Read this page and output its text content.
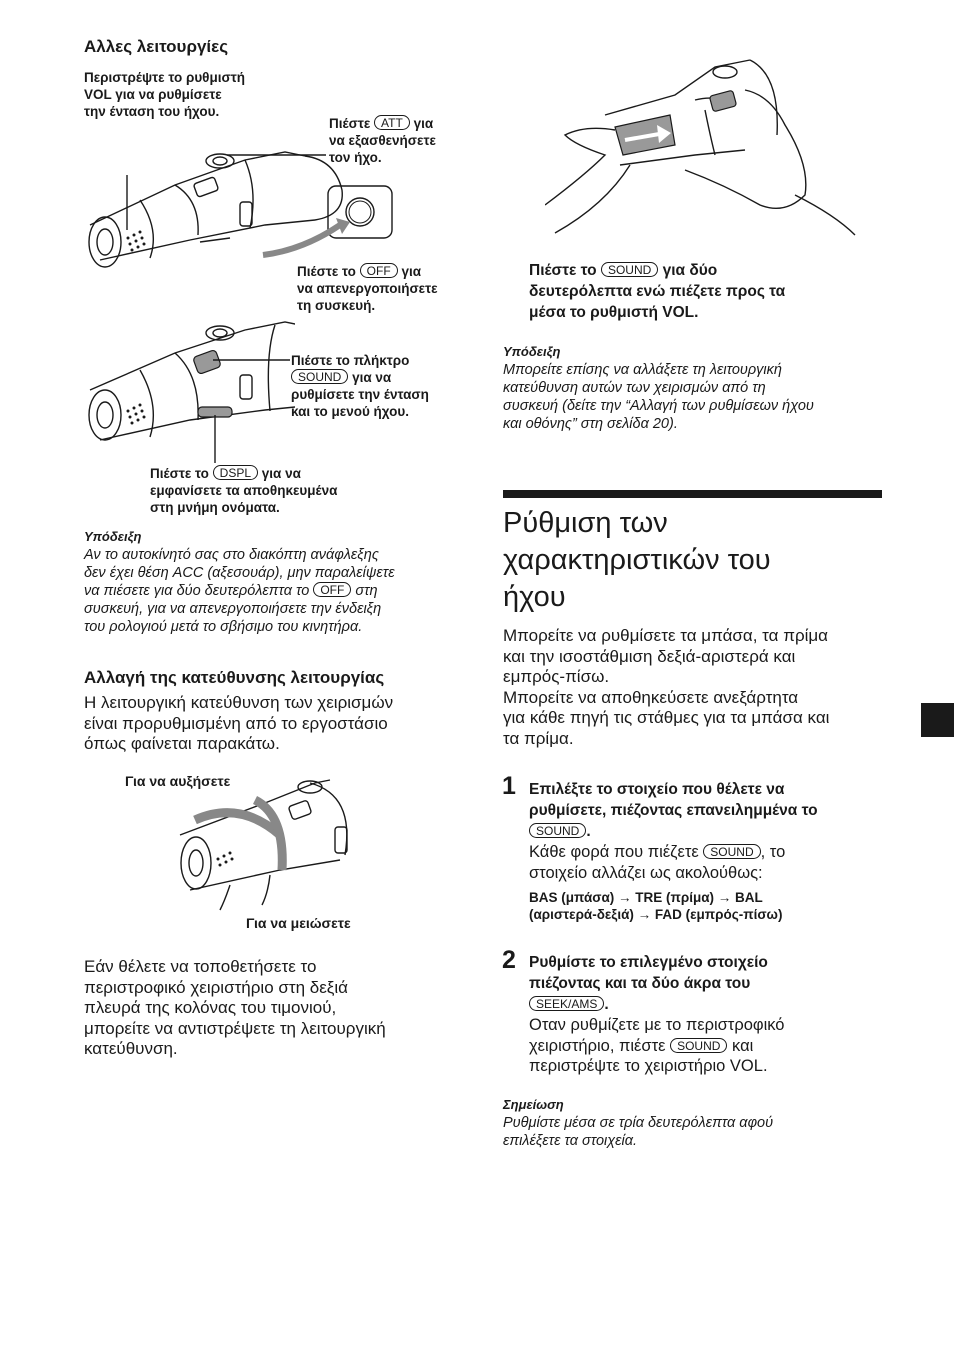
Αλλες λειτουργίες
Περιστρέψτε το ρυθμιστή
VOL για να ρυθμίσετε
την ένταση του ήχου.
Πιέστε ATT για
να εξασθενήσετε
τον ήχο.
Πιέστε το OFF για
να απενεργοποιήσετε
τη συσκευή.
Πιέστε το πλήκτρο
SOUND για να
ρυθμίσετε την ένταση
και το μενού ήχου.
Πιέστε το DSPL για να
εμφανίσετε τα αποθηκευμένα
στη μνήμη ονόματα.
Υπόδειξη
Αν το αυτοκίνητό σας στο διακόπτη ανάφλεξης
δεν έχει θέση ACC (αξεσουάρ), μην παραλείψετε
να πιέσετε για δύο δευτερόλεπτα το OFF στη
συσκευή, για να απενεργοποιήσετε την ένδειξη
του ρολογιού μετά το σβήσιμο του κινητήρα.
Αλλαγή της κατεύθυνσης λειτουργίας
Η λειτουργική κατεύθυνση των χειρισμών
είναι προρυθμισμένη από το εργοστάσιο
όπως φαίνεται παρακάτω.
Για να αυξήσετε
Για να μειώσετε
Εάν θέλετε να τοποθετήσετε το
περιστροφικό χειριστήριο στη δεξιά
πλευρά της κολόνας του τιμονιού,
μπορείτε να αντιστρέψετε τη λειτουργική
κατεύθυνση.
Πιέστε το SOUND για δύο
δευτερόλεπτα ενώ πιέζετε προς τα
μέσα το ρυθμιστή VOL.
Υπόδειξη
Μπορείτε επίσης να αλλάξετε τη λειτουργική
κατεύθυνση αυτών των χειρισμών από τη
συσκευή (δείτε την “Αλλαγή των ρυθμίσεων ήχου
και οθόνης” στη σελίδα 20).
Ρύθμιση των
χαρακτηριστικών του
ήχου
Μπορείτε να ρυθμίσετε τα μπάσα, τα πρίμα
και την ισοστάθμιση δεξιά-αριστερά και
εμπρός-πίσω.
Μπορείτε να αποθηκεύσετε ανεξάρτητα
για κάθε πηγή τις στάθμες για τα μπάσα και
τα πρίμα.
1 Επιλέξτε το στοιχείο που θέλετε να
ρυθμίσετε, πιέζοντας επανειλημμένα το
SOUND .
Κάθε φορά που πιέζετε SOUND , το
στοιχείο αλλάζει ως ακολούθως:
BAS (μπάσα) → TRE (πρίμα) → BAL
(αριστερά-δεξιά) → FAD (εμπρός-πίσω)
2 Ρυθμίστε το επιλεγμένο στοιχείο
πιέζοντας και τα δύο άκρα του
SEEK/AMS .
Οταν ρυθμίζετε με το περιστροφικό
χειριστήριο, πιέστε SOUND και
περιστρέψτε το χειριστήριο VOL.
Σημείωση
Ρυθμίστε μέσα σε τρία δευτερόλεπτα αφού
επιλέξετε τα στοιχεία.
